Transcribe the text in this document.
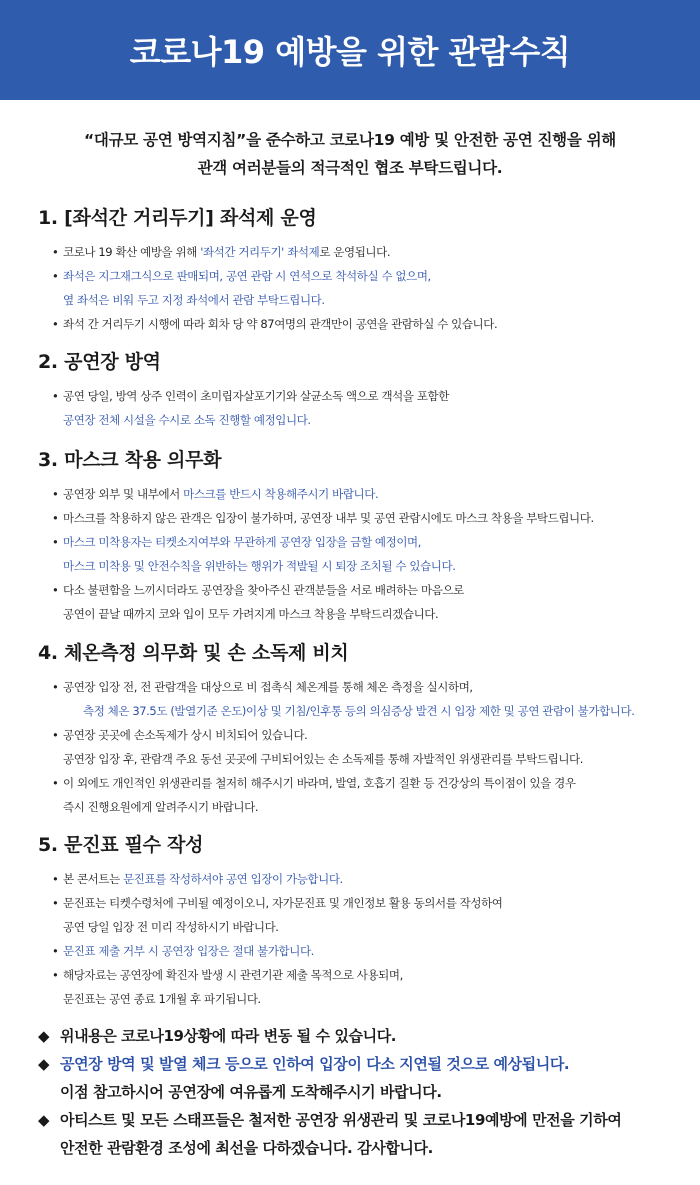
코로나19 예방을 위한 관람수칙

“대규모 공연 방역지침”을 준수하고 코로나19 예방 및 안전한 공연 진행을 위해

관객 여러분들의 적극적인 협조 부탁드립니다.

1. [좌석간 거리두기] 좌석제 운영
• 코로나 19 확산 예방을 위해 '좌석간 거리두기' 좌석제로 운영됩니다.
• 좌석은 지그재그식으로 판매되며, 공연 관람 시 연석으로 착석하실 수 없으며,
옆 좌석은 비워 두고 지정 좌석에서 관람 부탁드립니다.
• 좌석 간 거리두기 시행에 따라 회차 당 약 87여명의 관객만이 공연을 관람하실 수 있습니다.
2. 공연장 방역
• 공연 당일, 방역 상주 인력이 초미립자살포기기와 살균소독 액으로 객석을 포함한
공연장 전체 시설을 수시로 소독 진행할 예정입니다.
3. 마스크 착용 의무화
• 공연장 외부 및 내부에서 마스크를 반드시 착용해주시기 바랍니다.
• 마스크를 착용하지 않은 관객은 입장이 불가하며, 공연장 내부 및 공연 관람시에도 마스크 착용을 부탁드립니다.
• 마스크 미착용자는 티켓소지여부와 무관하게 공연장 입장을 금할 예정이며,
마스크 미착용 및 안전수칙을 위반하는 행위가 적발될 시 퇴장 조치될 수 있습니다.
• 다소 불편함을 느끼시더라도 공연장을 찾아주신 관객분들을 서로 배려하는 마음으로
공연이 끝날 때까지 코와 입이 모두 가려지게 마스크 착용을 부탁드리겠습니다.
4. 체온측정 의무화 및 손 소독제 비치
• 공연장 입장 전, 전 관람객을 대상으로 비 접촉식 체온계를 통해 체온 측정을 실시하며,
측정 체온 37.5도 (발열기준 온도)이상 및 기침/인후통 등의 의심증상 발견 시 입장 제한 및 공연 관람이 불가합니다.
• 공연장 곳곳에 손소독제가 상시 비치되어 있습니다.
공연장 입장 후, 관람객 주요 동선 곳곳에 구비되어있는 손 소독제를 통해 자발적인 위생관리를 부탁드립니다.
• 이 외에도 개인적인 위생관리를 철저히 해주시기 바라며, 발열, 호흡기 질환 등 건강상의 특이점이 있을 경우
즉시 진행요원에게 알려주시기 바랍니다.
5. 문진표 필수 작성
• 본 콘서트는 문진표를 작성하셔야 공연 입장이 가능합니다.
• 문진표는 티켓수령처에 구비될 예정이오니, 자가문진표 및 개인정보 활용 동의서를 작성하여
공연 당일 입장 전 미리 작성하시기 바랍니다.
• 문진표 제출 거부 시 공연장 입장은 절대 불가합니다.
• 해당자료는 공연장에 확진자 발생 시 관련기관 제출 목적으로 사용되며,
문진표는 공연 종료 1개월 후 파기됩니다.
◆ 위내용은 코로나19상황에 따라 변동 될 수 있습니다.
◆ 공연장 방역 및 발열 체크 등으로 인하여 입장이 다소 지연될 것으로 예상됩니다.
이점 참고하시어 공연장에 여유롭게 도착해주시기 바랍니다.
◆ 아티스트 및 모든 스태프들은 철저한 공연장 위생관리 및 코로나19예방에 만전을 기하여
안전한 관람환경 조성에 최선을 다하겠습니다. 감사합니다.
